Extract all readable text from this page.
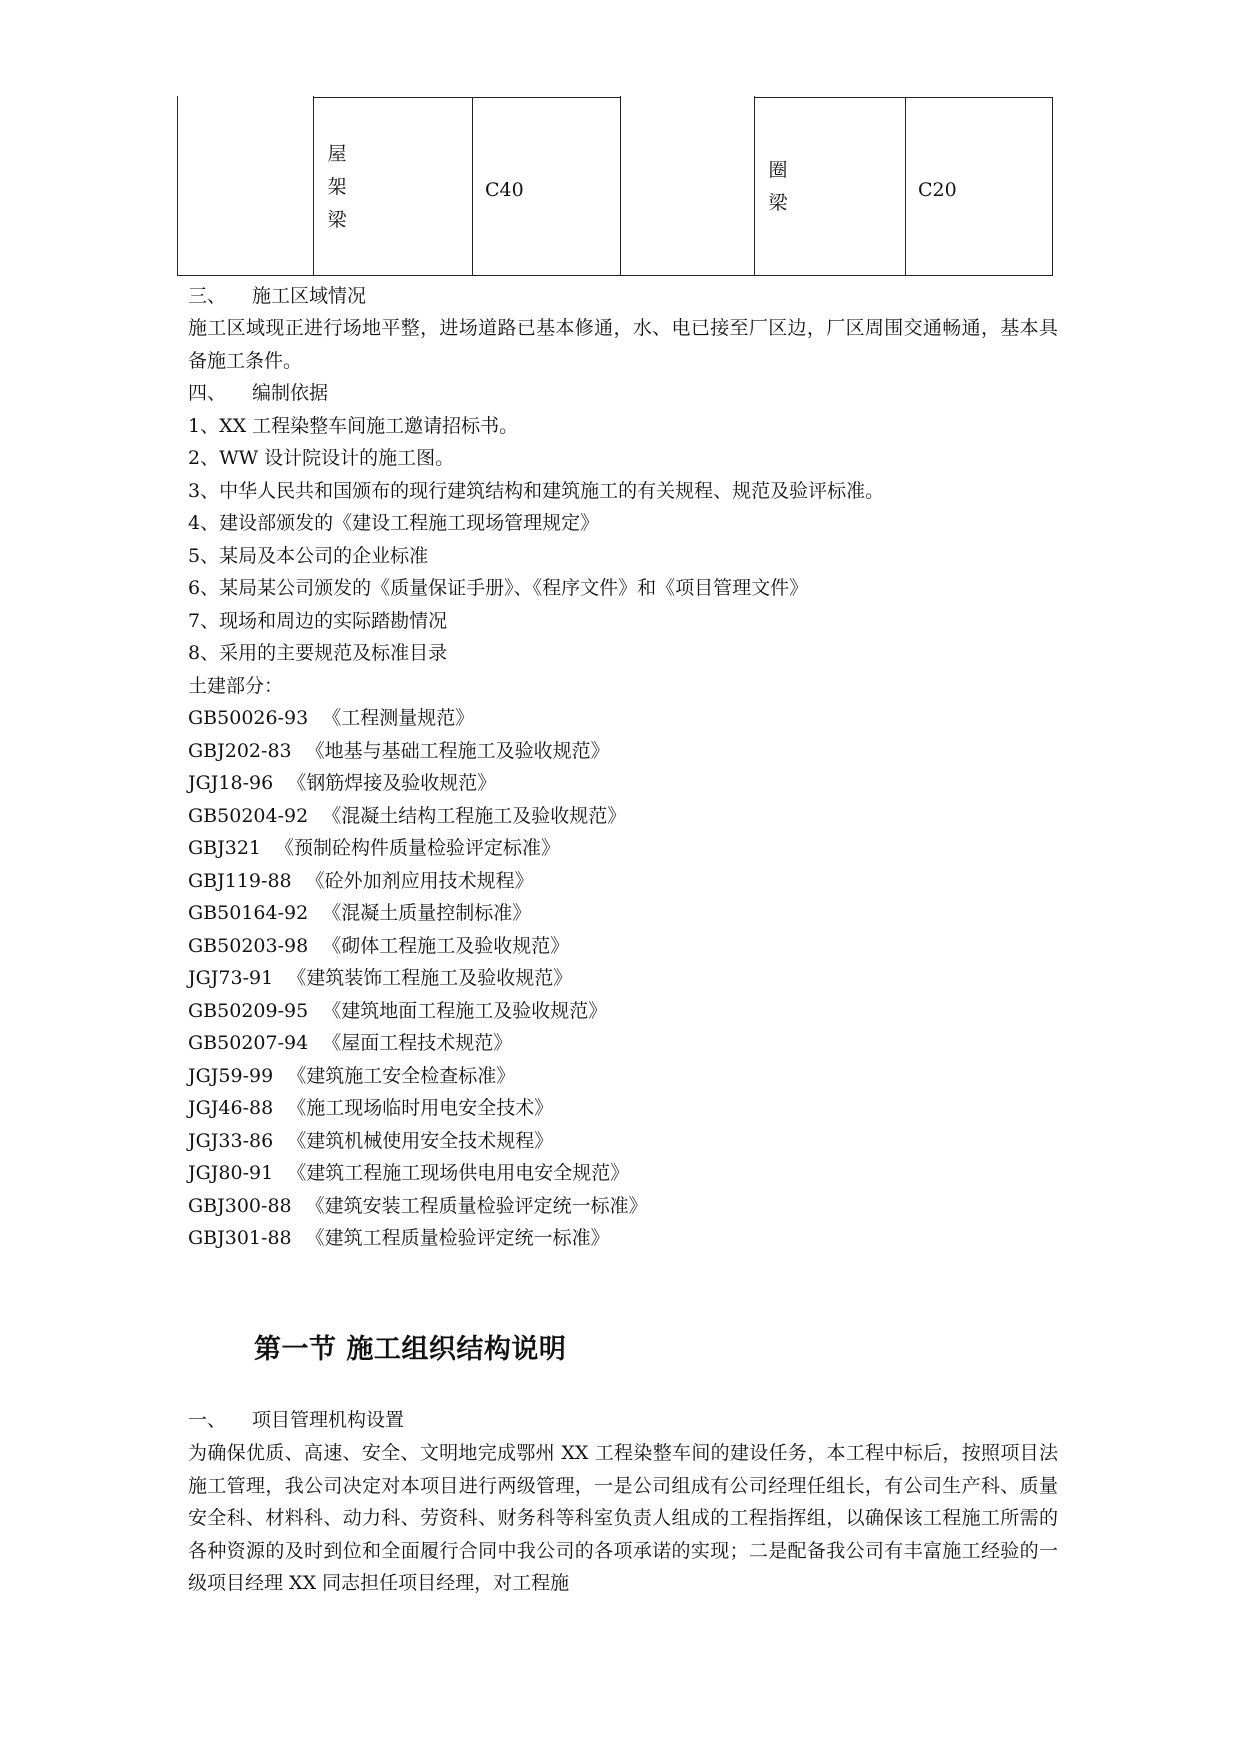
屋
架
梁
C40
圈
梁
C20
三、 施工区域情况
施工区域现正进行场地平整，进场道路已基本修通，水、电已接至厂区边，厂区周围交通畅通，基本具备施工条件。
四、 编制依据
1、XX 工程染整车间施工邀请招标书。
2、WW 设计院设计的施工图。
3、中华人民共和国颁布的现行建筑结构和建筑施工的有关规程、规范及验评标准。
4、建设部颁发的《建设工程施工现场管理规定》
5、某局及本公司的企业标准
6、某局某公司颁发的《质量保证手册》、《程序文件》和《项目管理文件》
7、现场和周边的实际踏勘情况
8、采用的主要规范及标准目录
土建部分：
GB50026-93 《工程测量规范》
GBJ202-83 《地基与基础工程施工及验收规范》
JGJ18-96 《钢筋焊接及验收规范》
GB50204-92 《混凝土结构工程施工及验收规范》
GBJ321 《预制砼构件质量检验评定标准》
GBJ119-88 《砼外加剂应用技术规程》
GB50164-92 《混凝土质量控制标准》
GB50203-98 《砌体工程施工及验收规范》
JGJ73-91 《建筑装饰工程施工及验收规范》
GB50209-95 《建筑地面工程施工及验收规范》
GB50207-94 《屋面工程技术规范》
JGJ59-99 《建筑施工安全检查标准》
JGJ46-88 《施工现场临时用电安全技术》
JGJ33-86 《建筑机械使用安全技术规程》
JGJ80-91 《建筑工程施工现场供电用电安全规范》
GBJ300-88 《建筑安装工程质量检验评定统一标准》
GBJ301-88 《建筑工程质量检验评定统一标准》
第一节 施工组织结构说明
一、 项目管理机构设置
为确保优质、高速、安全、文明地完成鄂州 XX 工程染整车间的建设任务，本工程中标后，按照项目法施工管理，我公司决定对本项目进行两级管理，一是公司组成有公司经理任组长，有公司生产科、质量安全科、材料科、动力科、劳资科、财务科等科室负责人组成的工程指挥组，以确保该工程施工所需的各种资源的及时到位和全面履行合同中我公司的各项承诺的实现；二是配备我公司有丰富施工经验的一级项目经理 XX 同志担任项目经理，对工程施
